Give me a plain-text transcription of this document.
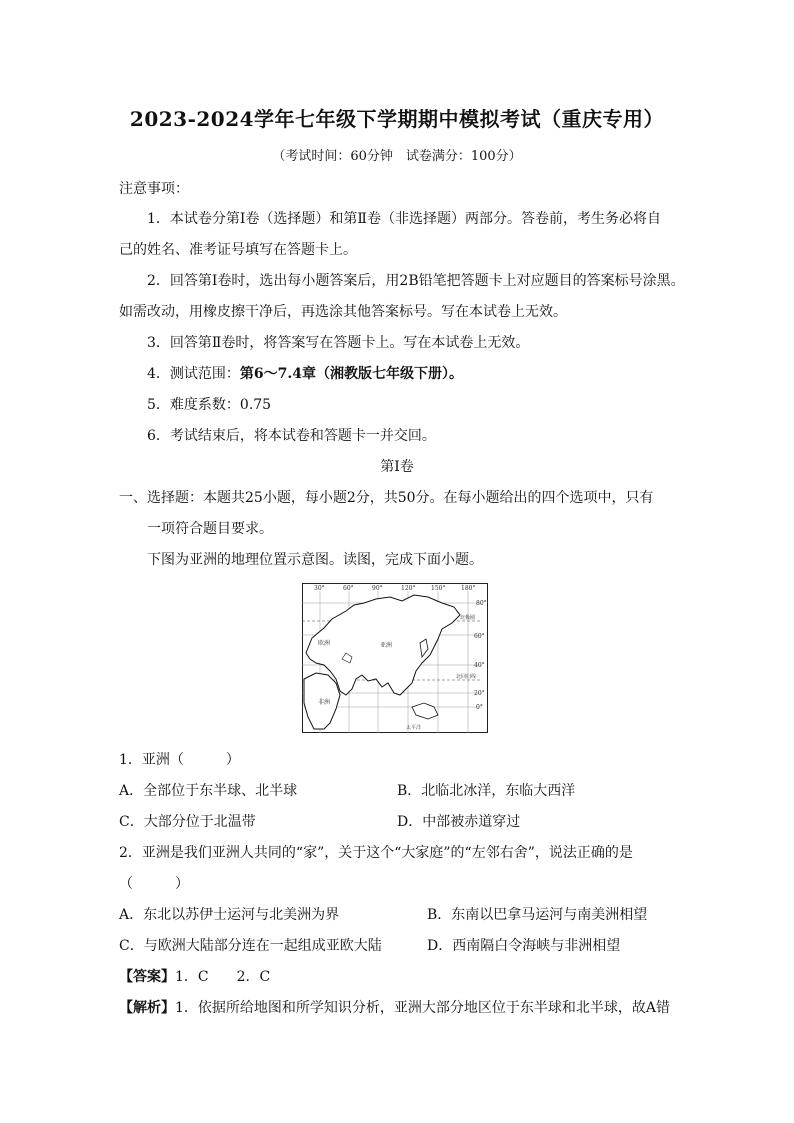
2023-2024学年七年级下学期期中模拟考试（重庆专用）
（考试时间：60分钟　试卷满分：100分）
注意事项：
1．本试卷分第Ⅰ卷（选择题）和第Ⅱ卷（非选择题）两部分。答卷前，考生务必将自
己的姓名、准考证号填写在答题卡上。
2．回答第Ⅰ卷时，选出每小题答案后，用2B铅笔把答题卡上对应题目的答案标号涂黑。
如需改动，用橡皮擦干净后，再选涂其他答案标号。写在本试卷上无效。
3．回答第Ⅱ卷时，将答案写在答题卡上。写在本试卷上无效。
4．测试范围：第6～7.4章（湘教版七年级下册）。
5．难度系数：0.75
6．考试结束后，将本试卷和答题卡一并交回。
第Ⅰ卷
一、选择题：本题共25小题，每小题2分，共50分。在每小题给出的四个选项中，只有
一项符合题目要求。
下图为亚洲的地理位置示意图。读图，完成下面小题。
30°	60°	90°	120°	150°	180°
80°
60°
40°
20°
0°
欧洲	亚洲
非洲
北极圈
北回归线
太平洋
1．亚洲（　　　）
A．全部位于东半球、北半球	B．北临北冰洋，东临大西洋
C．大部分位于北温带	D．中部被赤道穿过
2．亚洲是我们亚洲人共同的“家”，关于这个“大家庭”的“左邻右舍”，说法正确的是
（　　　）
A．东北以苏伊士运河与北美洲为界	B．东南以巴拿马运河与南美洲相望
C．与欧洲大陆部分连在一起组成亚欧大陆	D．西南隔白令海峡与非洲相望
【答案】1．C　　2．C
【解析】1．依据所给地图和所学知识分析，亚洲大部分地区位于东半球和北半球，故A错
